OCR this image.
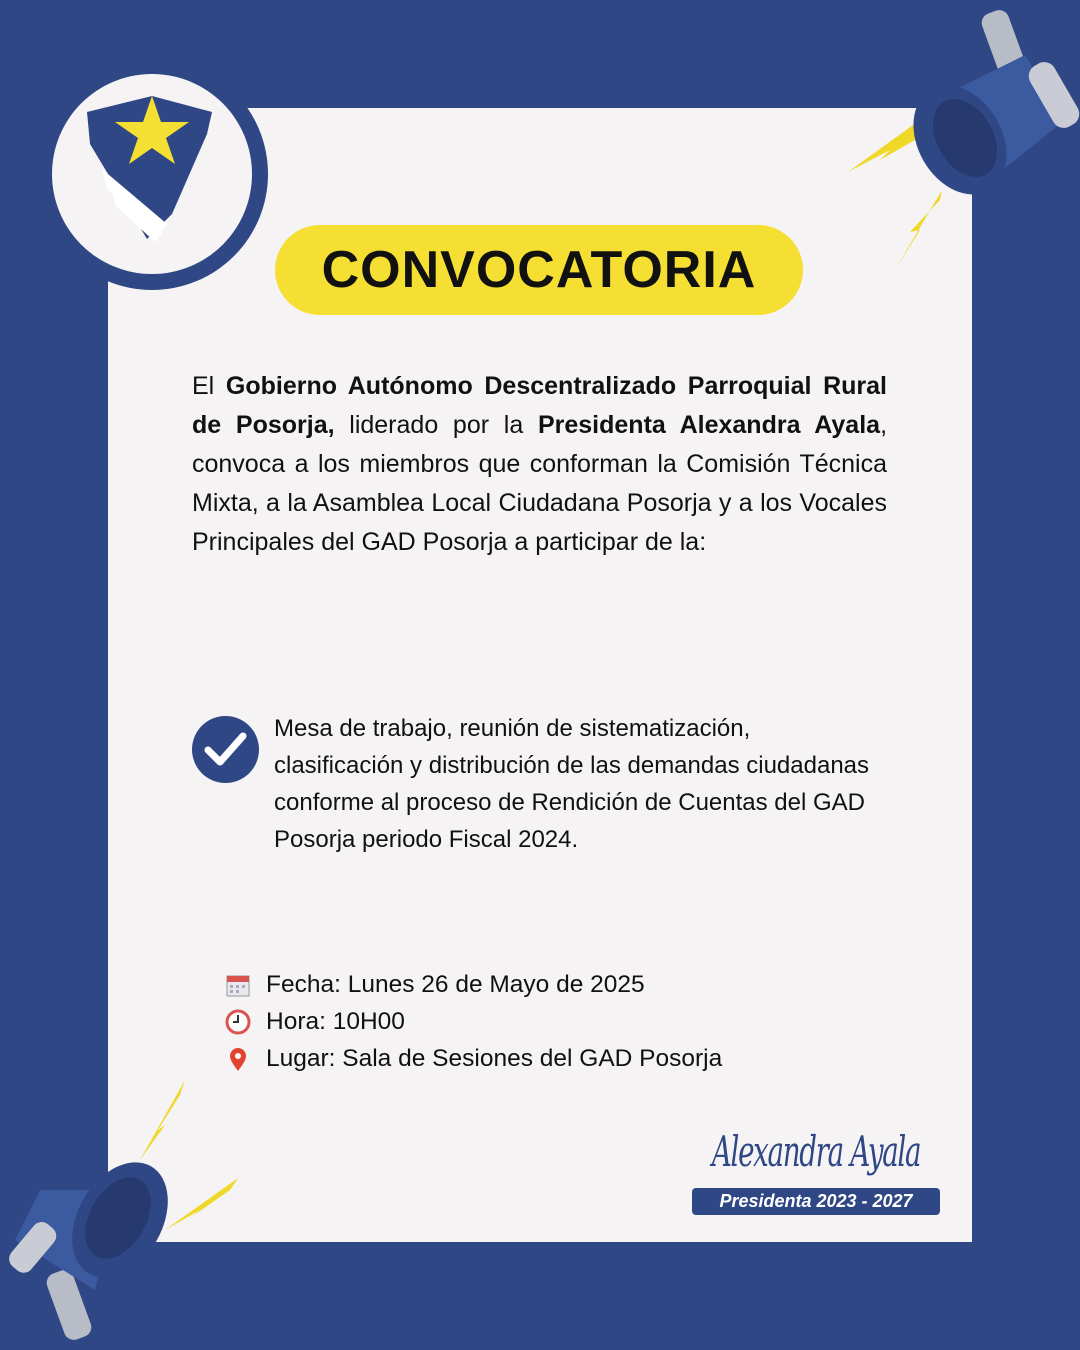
CONVOCATORIA
El Gobierno Autónomo Descentralizado Parroquial Rural de Posorja, liderado por la Presidenta Alexandra Ayala, convoca a los miembros que conforman la Comisión Técnica Mixta, a la Asamblea Local Ciudadana Posorja y a los Vocales Principales del GAD Posorja a participar de la:
Mesa de trabajo, reunión de sistematización, clasificación y distribución de las demandas ciudadanas conforme al proceso de Rendición de Cuentas del GAD Posorja periodo Fiscal 2024.
Fecha: Lunes 26 de Mayo de 2025
Hora: 10H00
Lugar: Sala de Sesiones del GAD Posorja
Presidenta 2023 - 2027
Alexandra Ayala
